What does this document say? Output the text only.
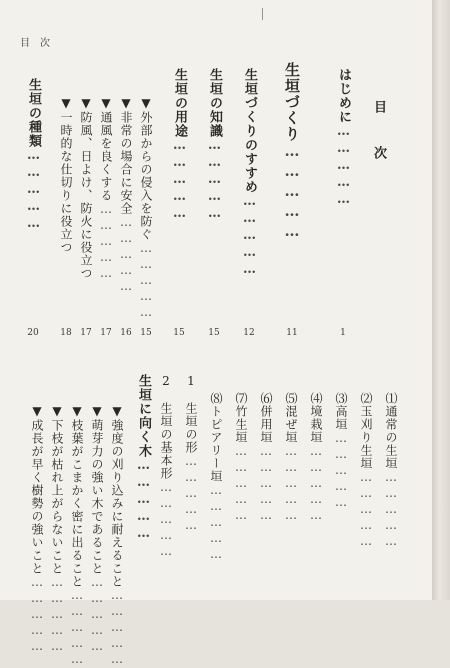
目　次
目　次
はじめに……………
1
生垣づくり……………
11
生垣づくりのすすめ……………
12
生垣の知識……………
15
生垣の用途……………
15
▼外部からの侵入を防ぐ……………
15
▼非常の場合に安全……………
16
▼通風を良くする……………
17
▼防風、日よけ、防火に役立つ
17
▼一時的な仕切りに役立つ
18
生垣の種類……………
20
⑴通常の生垣……………
⑵玉刈り生垣……………
⑶高垣……………
⑷境栽垣……………
⑸混ぜ垣……………
⑹併用垣……………
⑺竹生垣……………
⑻トピアリー垣……………
1　生垣の形……………
2　生垣の基本形……………
生垣に向く木……………
▼強度の刈り込みに耐えること……………
▼萌芽力の強い木であること……………
▼枝葉がこまかく密に出ること……………
▼下枝が枯れ上がらないこと……………
▼成長が早く樹勢の強いこと……………
